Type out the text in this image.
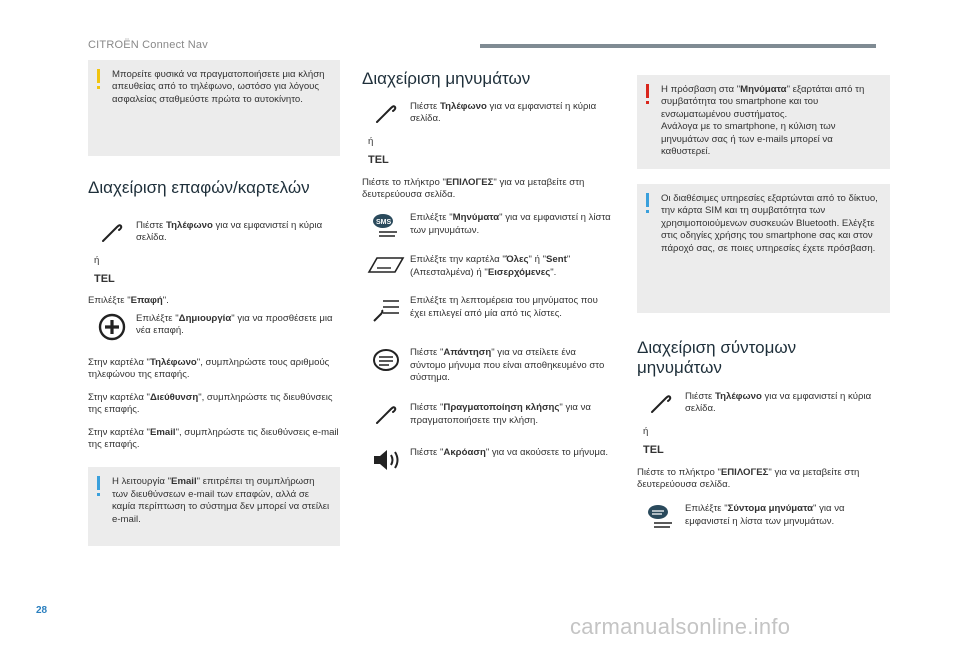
CITROËN Connect Nav

Μπορείτε φυσικά να πραγματοποιήσετε μια κλήση απευθείας από το τηλέφωνο, ωστόσο για λόγους ασφαλείας σταθμεύστε πρώτα το αυτοκίνητο.

Διαχείριση επαφών/καρτελών
Πιέστε Τηλέφωνο για να εμφανιστεί η κύρια σελίδα.
ή
TEL

Επιλέξτε "Επαφή".

Επιλέξτε "Δημιουργία" για να προσθέσετε μια νέα επαφή.

Στην καρτέλα "Τηλέφωνο", συμπληρώστε τους αριθμούς τηλεφώνου της επαφής.

Στην καρτέλα "Διεύθυνση", συμπληρώστε τις διευθύνσεις της επαφής.

Στην καρτέλα "Email", συμπληρώστε τις διευθύνσεις e-mail της επαφής.

Η λειτουργία "Email" επιτρέπει τη συμπλήρωση των διευθύνσεων e-mail των επαφών, αλλά σε καμία περίπτωση το σύστημα δεν μπορεί να στείλει e-mail.

Διαχείριση μηνυμάτων
Πιέστε Τηλέφωνο για να εμφανιστεί η κύρια σελίδα.
ή
TEL

Πιέστε το πλήκτρο "ΕΠΙΛΟΓΕΣ" για να μεταβείτε στη δευτερεύουσα σελίδα.

SMS Επιλέξτε "Μηνύματα" για να εμφανιστεί η λίστα των μηνυμάτων.
Επιλέξτε την καρτέλα "Όλες" ή "Sent" (Απεσταλμένα) ή "Εισερχόμενες".
Επιλέξτε τη λεπτομέρεια του μηνύματος που έχει επιλεγεί από μία από τις λίστες.
Πιέστε "Απάντηση" για να στείλετε ένα σύντομο μήνυμα που είναι αποθηκευμένο στο σύστημα.
Πιέστε "Πραγματοποίηση κλήσης" για να πραγματοποιήσετε την κλήση.
Πιέστε "Ακρόαση" για να ακούσετε το μήνυμα.

Η πρόσβαση στα "Μηνύματα" εξαρτάται από τη συμβατότητα του smartphone και του ενσωματωμένου συστήματος.

Ανάλογα με το smartphone, η κύλιση των μηνυμάτων σας ή των e-mails μπορεί να καθυστερεί.

Οι διαθέσιμες υπηρεσίες εξαρτώνται από το δίκτυο, την κάρτα SIM και τη συμβατότητα των χρησιμοποιούμενων συσκευών Bluetooth. Ελέγξτε στις οδηγίες χρήσης του smartphone σας και στον πάροχό σας, σε ποιες υπηρεσίες έχετε πρόσβαση.

Διαχείριση σύντομων μηνυμάτων
Πιέστε Τηλέφωνο για να εμφανιστεί η κύρια σελίδα.
ή
TEL

Πιέστε το πλήκτρο "ΕΠΙΛΟΓΕΣ" για να μεταβείτε στη δευτερεύουσα σελίδα.

Επιλέξτε "Σύντομα μηνύματα" για να εμφανιστεί η λίστα των μηνυμάτων.
28
carmanualsonline.info
